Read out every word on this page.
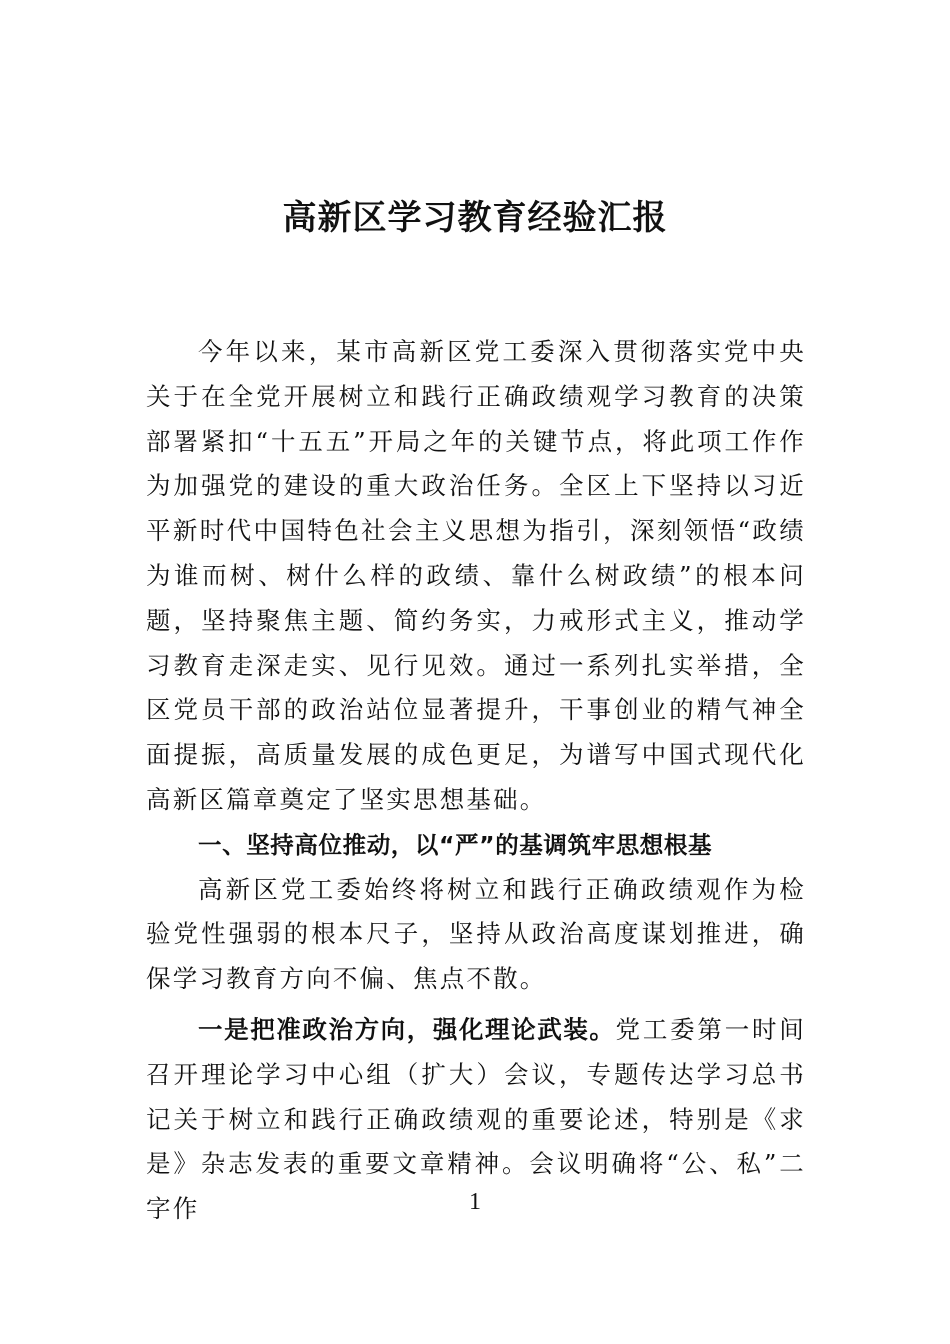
高新区学习教育经验汇报

今年以来，某市高新区党工委深入贯彻落实党中央关于在全党开展树立和践行正确政绩观学习教育的决策部署紧扣“十五五”开局之年的关键节点，将此项工作作为加强党的建设的重大政治任务。全区上下坚持以习近平新时代中国特色社会主义思想为指引，深刻领悟“政绩为谁而树、树什么样的政绩、靠什么树政绩”的根本问题，坚持聚焦主题、简约务实，力戒形式主义，推动学习教育走深走实、见行见效。通过一系列扎实举措，全区党员干部的政治站位显著提升，干事创业的精气神全面提振，高质量发展的成色更足，为谱写中国式现代化高新区篇章奠定了坚实思想基础。

一、坚持高位推动，以“严”的基调筑牢思想根基

高新区党工委始终将树立和践行正确政绩观作为检验党性强弱的根本尺子，坚持从政治高度谋划推进，确保学习教育方向不偏、焦点不散。

一是把准政治方向，强化理论武装。党工委第一时间召开理论学习中心组（扩大）会议，专题传达学习总书记关于树立和践行正确政绩观的重要论述，特别是《求是》杂志发表的重要文章精神。会议明确将“公、私”二字作	1
